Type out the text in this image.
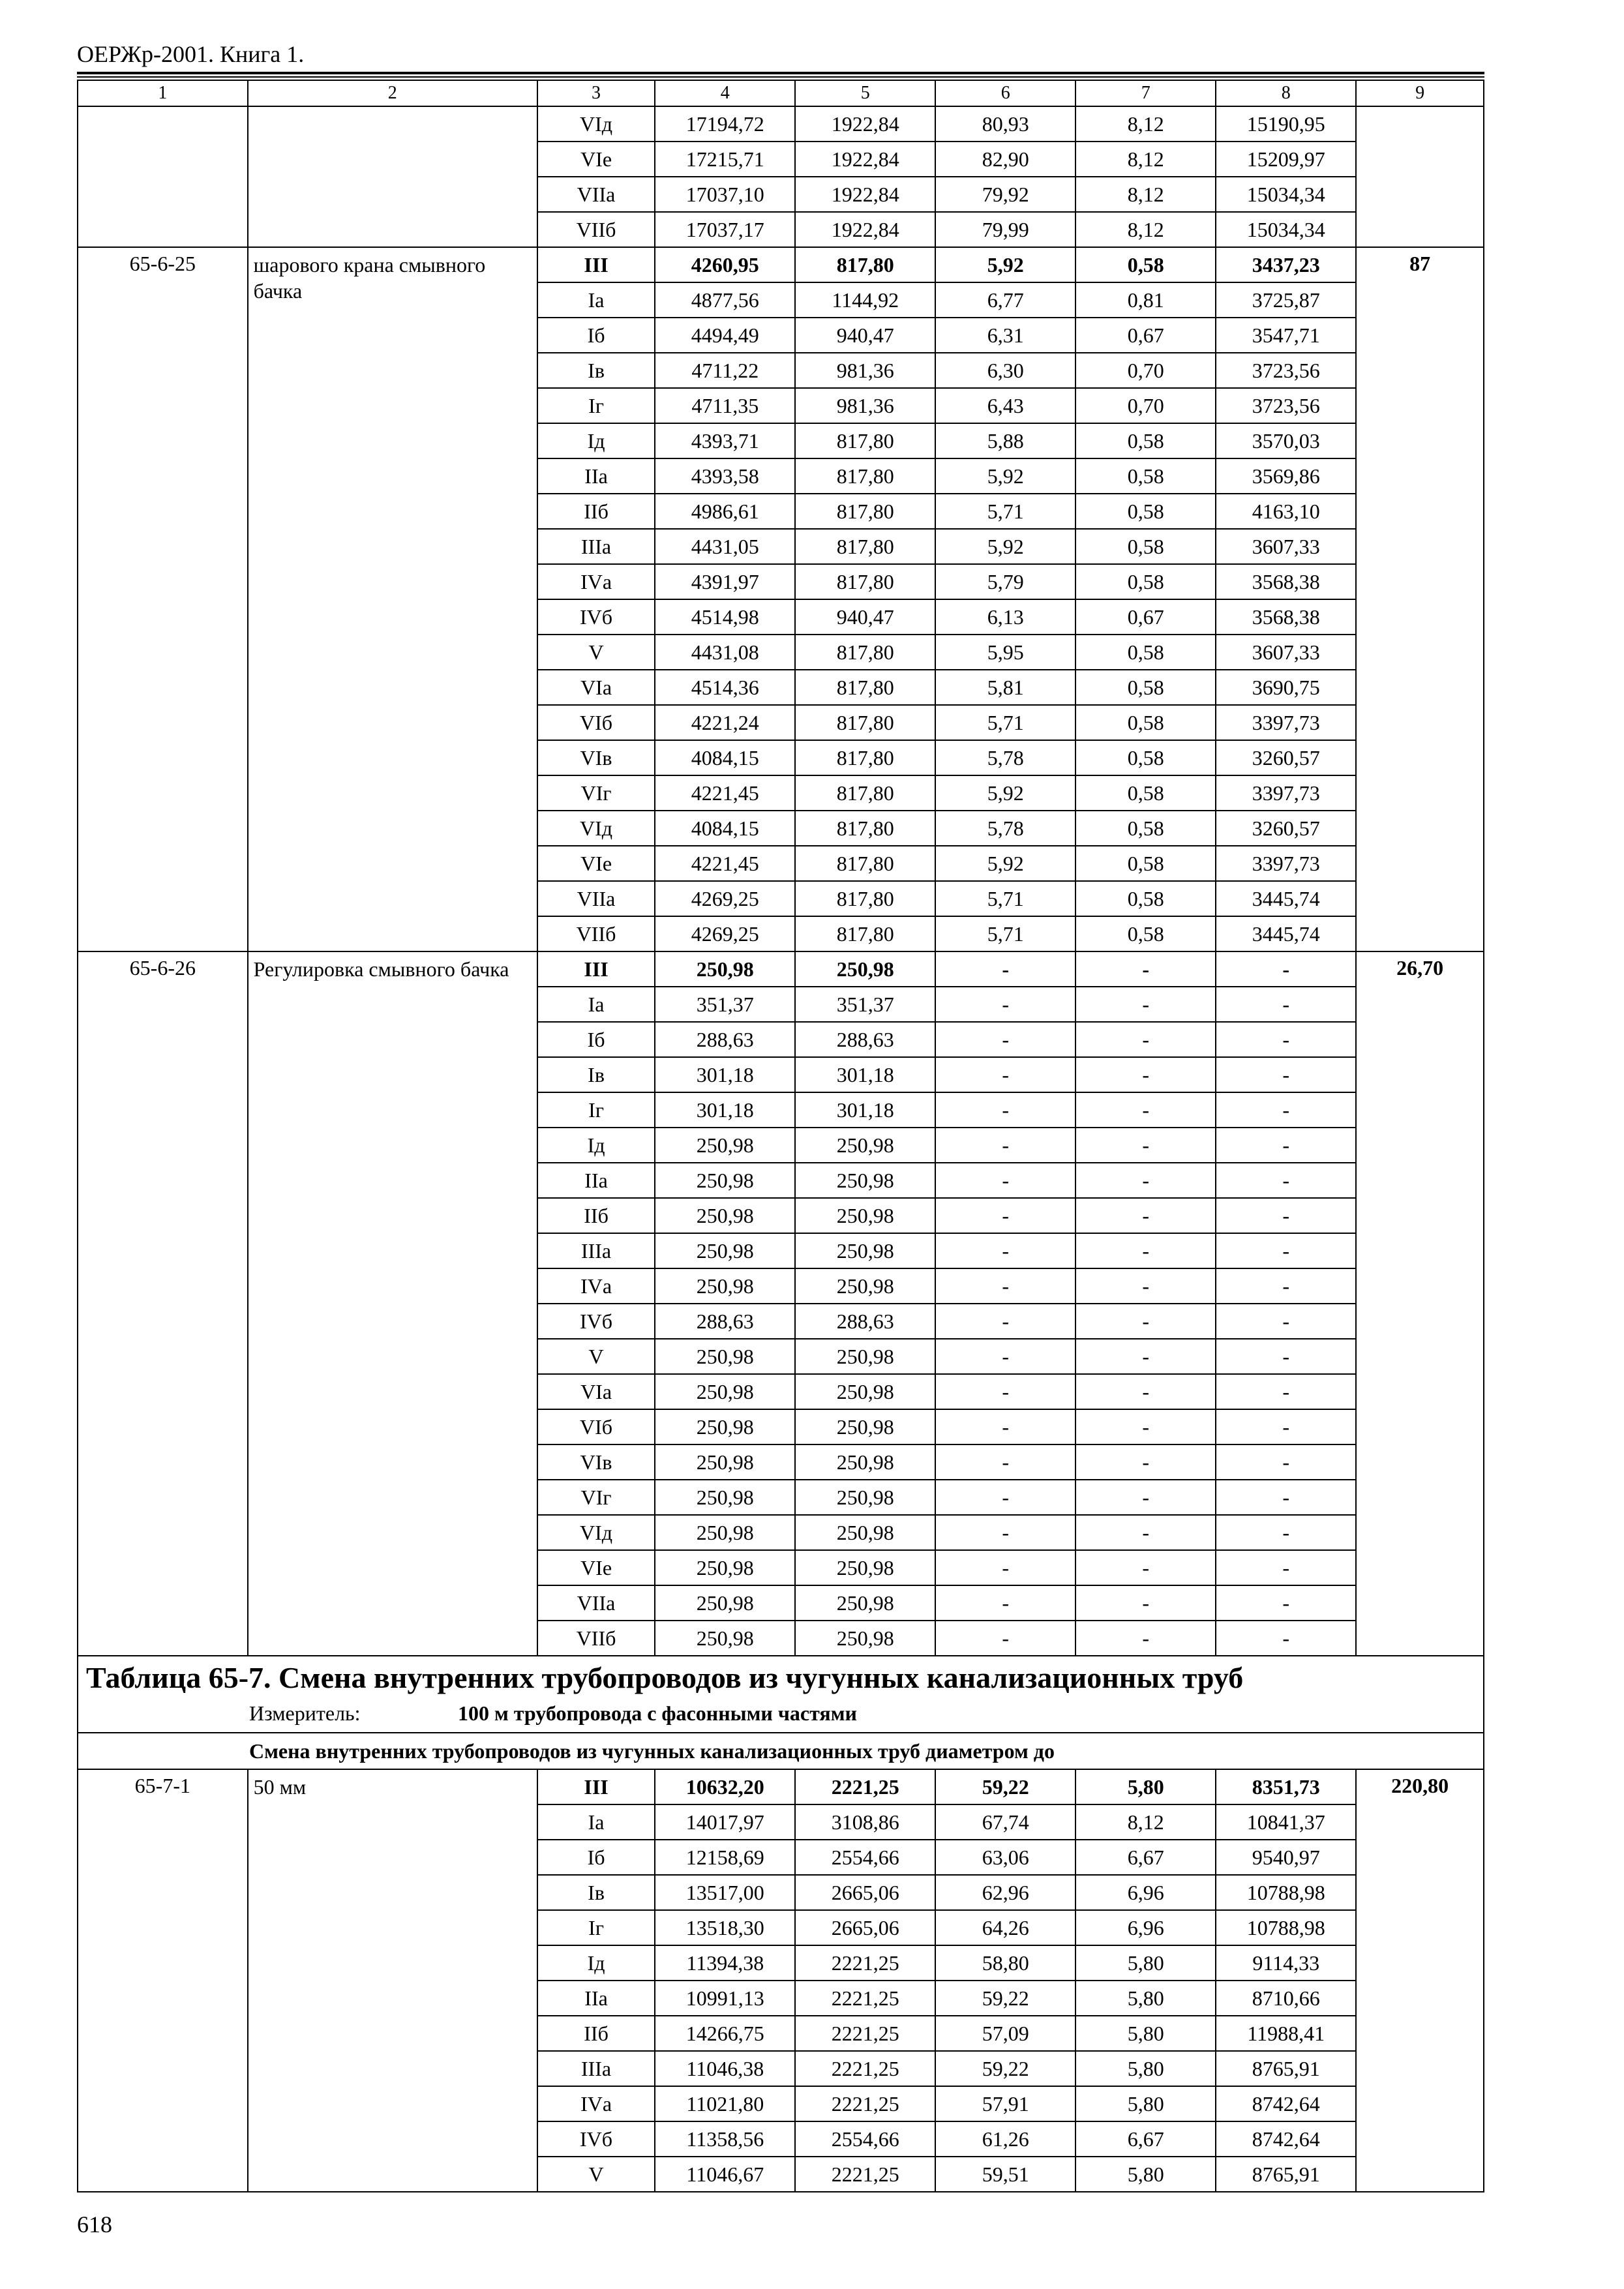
ОЕРЖр-2001. Книга 1.
1	2	3	4	5	6	7	8	9
		VIд	17194,72	1922,84	80,93	8,12	15190,95	
		VIе	17215,71	1922,84	82,90	8,12	15209,97	
		VIIа	17037,10	1922,84	79,92	8,12	15034,34	
		VIIб	17037,17	1922,84	79,99	8,12	15034,34	
65-6-25	шарового крана смывного бачка	III	4260,95	817,80	5,92	0,58	3437,23	87
		Iа	4877,56	1144,92	6,77	0,81	3725,87	
		Iб	4494,49	940,47	6,31	0,67	3547,71	
		Iв	4711,22	981,36	6,30	0,70	3723,56	
		Iг	4711,35	981,36	6,43	0,70	3723,56	
		Iд	4393,71	817,80	5,88	0,58	3570,03	
		IIа	4393,58	817,80	5,92	0,58	3569,86	
		IIб	4986,61	817,80	5,71	0,58	4163,10	
		IIIа	4431,05	817,80	5,92	0,58	3607,33	
		IVа	4391,97	817,80	5,79	0,58	3568,38	
		IVб	4514,98	940,47	6,13	0,67	3568,38	
		V	4431,08	817,80	5,95	0,58	3607,33	
		VIа	4514,36	817,80	5,81	0,58	3690,75	
		VIб	4221,24	817,80	5,71	0,58	3397,73	
		VIв	4084,15	817,80	5,78	0,58	3260,57	
		VIг	4221,45	817,80	5,92	0,58	3397,73	
		VIд	4084,15	817,80	5,78	0,58	3260,57	
		VIе	4221,45	817,80	5,92	0,58	3397,73	
		VIIа	4269,25	817,80	5,71	0,58	3445,74	
		VIIб	4269,25	817,80	5,71	0,58	3445,74	
65-6-26	Регулировка смывного бачка	III	250,98	250,98	-	-	-	26,70
		Iа	351,37	351,37	-	-	-	
		Iб	288,63	288,63	-	-	-	
		Iв	301,18	301,18	-	-	-	
		Iг	301,18	301,18	-	-	-	
		Iд	250,98	250,98	-	-	-	
		IIа	250,98	250,98	-	-	-	
		IIб	250,98	250,98	-	-	-	
		IIIа	250,98	250,98	-	-	-	
		IVа	250,98	250,98	-	-	-	
		IVб	288,63	288,63	-	-	-	
		V	250,98	250,98	-	-	-	
		VIа	250,98	250,98	-	-	-	
		VIб	250,98	250,98	-	-	-	
		VIв	250,98	250,98	-	-	-	
		VIг	250,98	250,98	-	-	-	
		VIд	250,98	250,98	-	-	-	
		VIе	250,98	250,98	-	-	-	
		VIIа	250,98	250,98	-	-	-	
		VIIб	250,98	250,98	-	-	-	

Таблица 65-7. Смена внутренних трубопроводов из чугунных канализационных труб
Измеритель: 100 м трубопровода с фасонными частями								

Смена внутренних трубопроводов из чугунных канализационных труб диаметром до								
65-7-1	50 мм	III	10632,20	2221,25	59,22	5,80	8351,73	220,80
		Iа	14017,97	3108,86	67,74	8,12	10841,37	
		Iб	12158,69	2554,66	63,06	6,67	9540,97	
		Iв	13517,00	2665,06	62,96	6,96	10788,98	
		Iг	13518,30	2665,06	64,26	6,96	10788,98	
		Iд	11394,38	2221,25	58,80	5,80	9114,33	
		IIа	10991,13	2221,25	59,22	5,80	8710,66	
		IIб	14266,75	2221,25	57,09	5,80	11988,41	
		IIIа	11046,38	2221,25	59,22	5,80	8765,91	
		IVа	11021,80	2221,25	57,91	5,80	8742,64	
		IVб	11358,56	2554,66	61,26	6,67	8742,64	
		V	11046,67	2221,25	59,51	5,80	8765,91	
618
